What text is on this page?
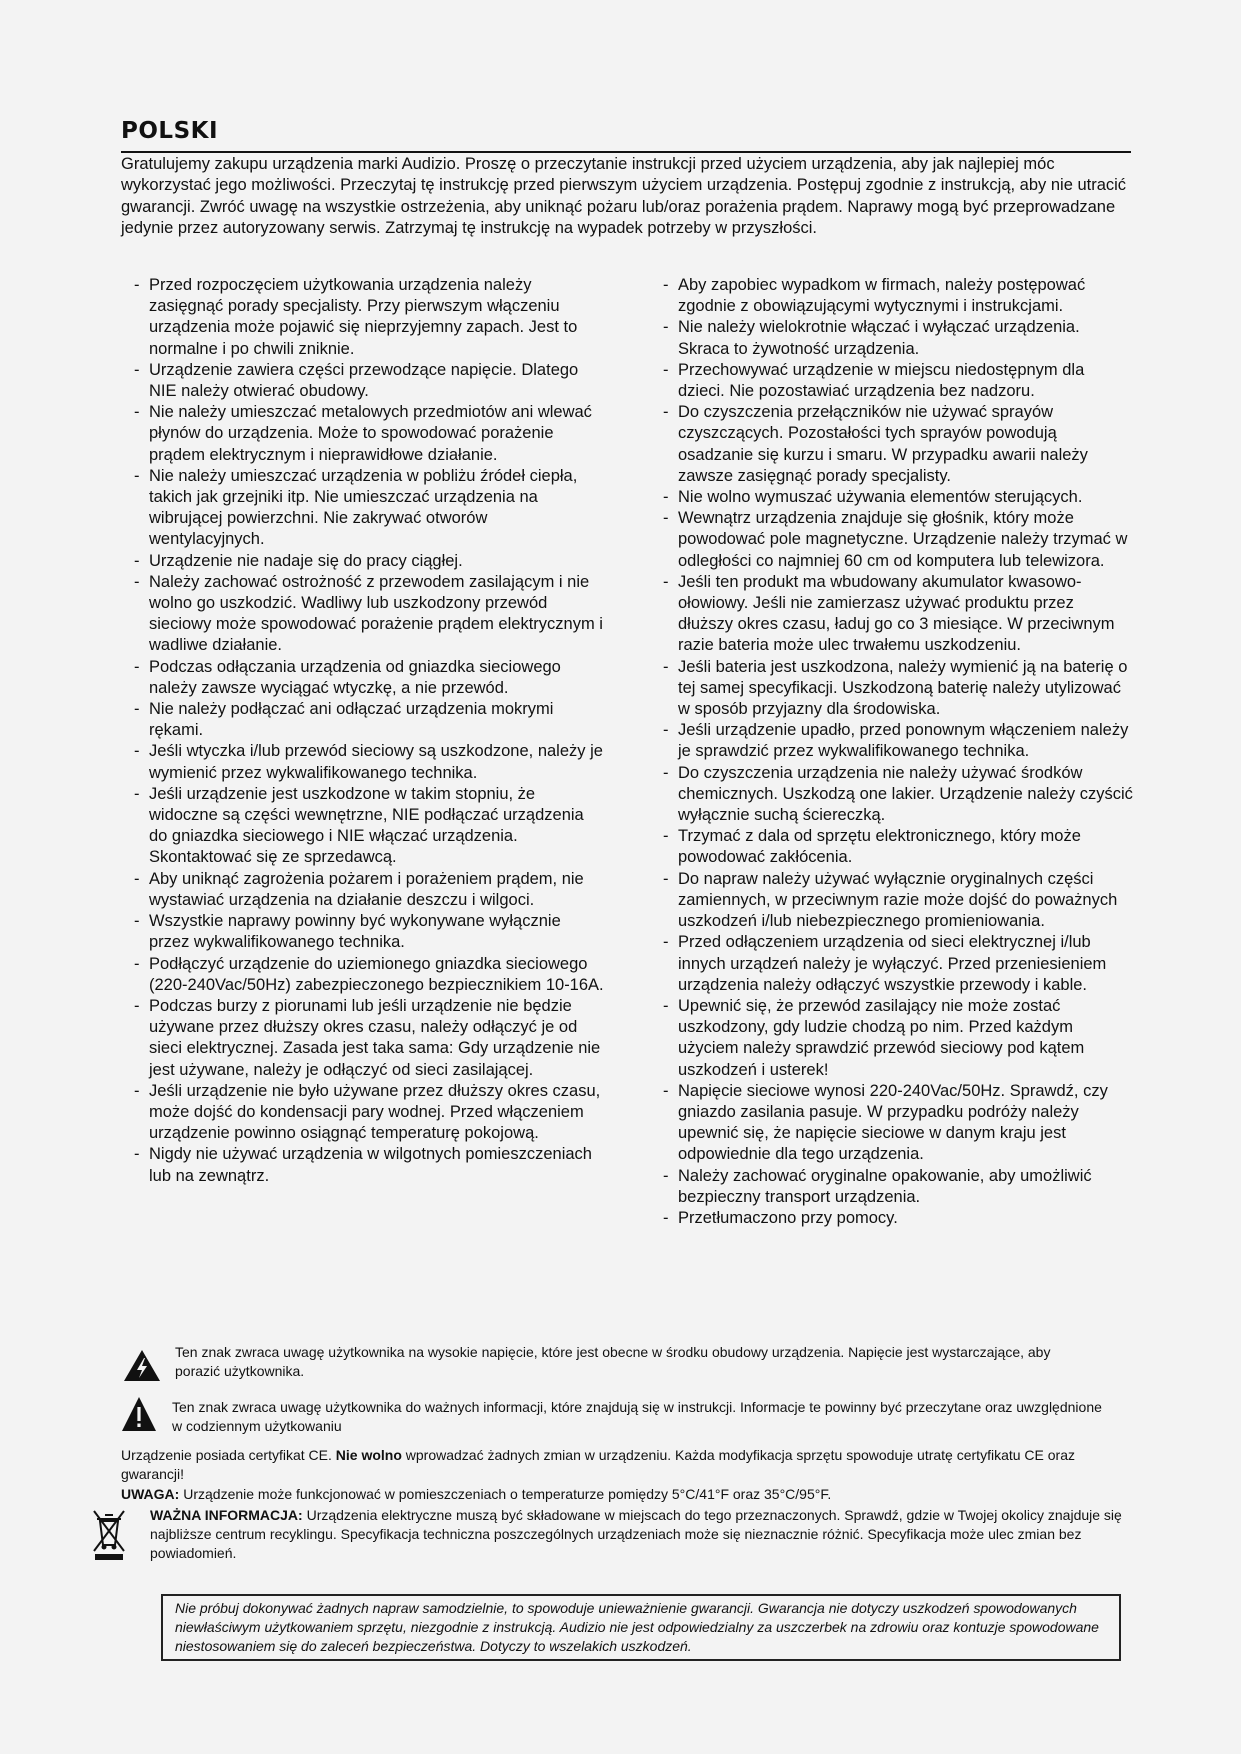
POLSKI

Gratulujemy zakupu urządzenia marki Audizio. Proszę o przeczytanie instrukcji przed użyciem urządzenia, aby jak najlepiej móc wykorzystać jego możliwości. Przeczytaj tę instrukcję przed pierwszym użyciem urządzenia. Postępuj zgodnie z instrukcją, aby nie utracić gwarancji. Zwróć uwagę na wszystkie ostrzeżenia, aby uniknąć pożaru lub/oraz porażenia prądem. Naprawy mogą być przeprowadzane jedynie przez autoryzowany serwis. Zatrzymaj tę instrukcję na wypadek potrzeby w przyszłości.

- Przed rozpoczęciem użytkowania urządzenia należy zasięgnąć porady specjalisty. Przy pierwszym włączeniu urządzenia może pojawić się nieprzyjemny zapach. Jest to normalne i po chwili zniknie.
- Urządzenie zawiera części przewodzące napięcie. Dlatego NIE należy otwierać obudowy.
- Nie należy umieszczać metalowych przedmiotów ani wlewać płynów do urządzenia. Może to spowodować porażenie prądem elektrycznym i nieprawidłowe działanie.
- Nie należy umieszczać urządzenia w pobliżu źródeł ciepła, takich jak grzejniki itp. Nie umieszczać urządzenia na wibrującej powierzchni. Nie zakrywać otworów wentylacyjnych.
- Urządzenie nie nadaje się do pracy ciągłej.
- Należy zachować ostrożność z przewodem zasilającym i nie wolno go uszkodzić. Wadliwy lub uszkodzony przewód sieciowy może spowodować porażenie prądem elektrycznym i wadliwe działanie.
- Podczas odłączania urządzenia od gniazdka sieciowego należy zawsze wyciągać wtyczkę, a nie przewód.
- Nie należy podłączać ani odłączać urządzenia mokrymi rękami.
- Jeśli wtyczka i/lub przewód sieciowy są uszkodzone, należy je wymienić przez wykwalifikowanego technika.
- Jeśli urządzenie jest uszkodzone w takim stopniu, że widoczne są części wewnętrzne, NIE podłączać urządzenia do gniazdka sieciowego i NIE włączać urządzenia. Skontaktować się ze sprzedawcą.
- Aby uniknąć zagrożenia pożarem i porażeniem prądem, nie wystawiać urządzenia na działanie deszczu i wilgoci.
- Wszystkie naprawy powinny być wykonywane wyłącznie przez wykwalifikowanego technika.
- Podłączyć urządzenie do uziemionego gniazdka sieciowego (220-240Vac/50Hz) zabezpieczonego bezpiecznikiem 10-16A.
- Podczas burzy z piorunami lub jeśli urządzenie nie będzie używane przez dłuższy okres czasu, należy odłączyć je od sieci elektrycznej. Zasada jest taka sama: Gdy urządzenie nie jest używane, należy je odłączyć od sieci zasilającej.
- Jeśli urządzenie nie było używane przez dłuższy okres czasu, może dojść do kondensacji pary wodnej. Przed włączeniem urządzenie powinno osiągnąć temperaturę pokojową.
- Nigdy nie używać urządzenia w wilgotnych pomieszczeniach lub na zewnątrz.
- Aby zapobiec wypadkom w firmach, należy postępować zgodnie z obowiązującymi wytycznymi i instrukcjami.
- Nie należy wielokrotnie włączać i wyłączać urządzenia. Skraca to żywotność urządzenia.
- Przechowywać urządzenie w miejscu niedostępnym dla dzieci. Nie pozostawiać urządzenia bez nadzoru.
- Do czyszczenia przełączników nie używać sprayów czyszczących. Pozostałości tych sprayów powodują osadzanie się kurzu i smaru. W przypadku awarii należy zawsze zasięgnąć porady specjalisty.
- Nie wolno wymuszać używania elementów sterujących.
- Wewnątrz urządzenia znajduje się głośnik, który może powodować pole magnetyczne. Urządzenie należy trzymać w odległości co najmniej 60 cm od komputera lub telewizora.
- Jeśli ten produkt ma wbudowany akumulator kwasowo-ołowiowy. Jeśli nie zamierzasz używać produktu przez dłuższy okres czasu, ładuj go co 3 miesiące. W przeciwnym razie bateria może ulec trwałemu uszkodzeniu.
- Jeśli bateria jest uszkodzona, należy wymienić ją na baterię o tej samej specyfikacji. Uszkodzoną baterię należy utylizować w sposób przyjazny dla środowiska.
- Jeśli urządzenie upadło, przed ponownym włączeniem należy je sprawdzić przez wykwalifikowanego technika.
- Do czyszczenia urządzenia nie należy używać środków chemicznych. Uszkodzą one lakier. Urządzenie należy czyścić wyłącznie suchą ściereczką.
- Trzymać z dala od sprzętu elektronicznego, który może powodować zakłócenia.
- Do napraw należy używać wyłącznie oryginalnych części zamiennych, w przeciwnym razie może dojść do poważnych uszkodzeń i/lub niebezpiecznego promieniowania.
- Przed odłączeniem urządzenia od sieci elektrycznej i/lub innych urządzeń należy je wyłączyć. Przed przeniesieniem urządzenia należy odłączyć wszystkie przewody i kable.
- Upewnić się, że przewód zasilający nie może zostać uszkodzony, gdy ludzie chodzą po nim. Przed każdym użyciem należy sprawdzić przewód sieciowy pod kątem uszkodzeń i usterek!
- Napięcie sieciowe wynosi 220-240Vac/50Hz. Sprawdź, czy gniazdo zasilania pasuje. W przypadku podróży należy upewnić się, że napięcie sieciowe w danym kraju jest odpowiednie dla tego urządzenia.
- Należy zachować oryginalne opakowanie, aby umożliwić bezpieczny transport urządzenia.
- Przetłumaczono przy pomocy.

Ten znak zwraca uwagę użytkownika na wysokie napięcie, które jest obecne w środku obudowy urządzenia. Napięcie jest wystarczające, aby porazić użytkownika.

Ten znak zwraca uwagę użytkownika do ważnych informacji, które znajdują się w instrukcji. Informacje te powinny być przeczytane oraz uwzględnione w codziennym użytkowaniu

Urządzenie posiada certyfikat CE. Nie wolno wprowadzać żadnych zmian w urządzeniu. Każda modyfikacja sprzętu spowoduje utratę certyfikatu CE oraz gwarancji!

UWAGA: Urządzenie może funkcjonować w pomieszczeniach o temperaturze pomiędzy 5°C/41°F oraz 35°C/95°F.

WAŻNA INFORMACJA: Urządzenia elektryczne muszą być składowane w miejscach do tego przeznaczonych. Sprawdź, gdzie w Twojej okolicy znajduje się najbliższe centrum recyklingu. Specyfikacja techniczna poszczególnych urządzeniach może się nieznacznie różnić. Specyfikacja może ulec zmian bez powiadomień.

Nie próbuj dokonywać żadnych napraw samodzielnie, to spowoduje unieważnienie gwarancji. Gwarancja nie dotyczy uszkodzeń spowodowanych niewłaściwym użytkowaniem sprzętu, niezgodnie z instrukcją. Audizio nie jest odpowiedzialny za uszczerbek na zdrowiu oraz kontuzje spowodowane niestosowaniem się do zaleceń bezpieczeństwa. Dotyczy to wszelakich uszkodzeń.
